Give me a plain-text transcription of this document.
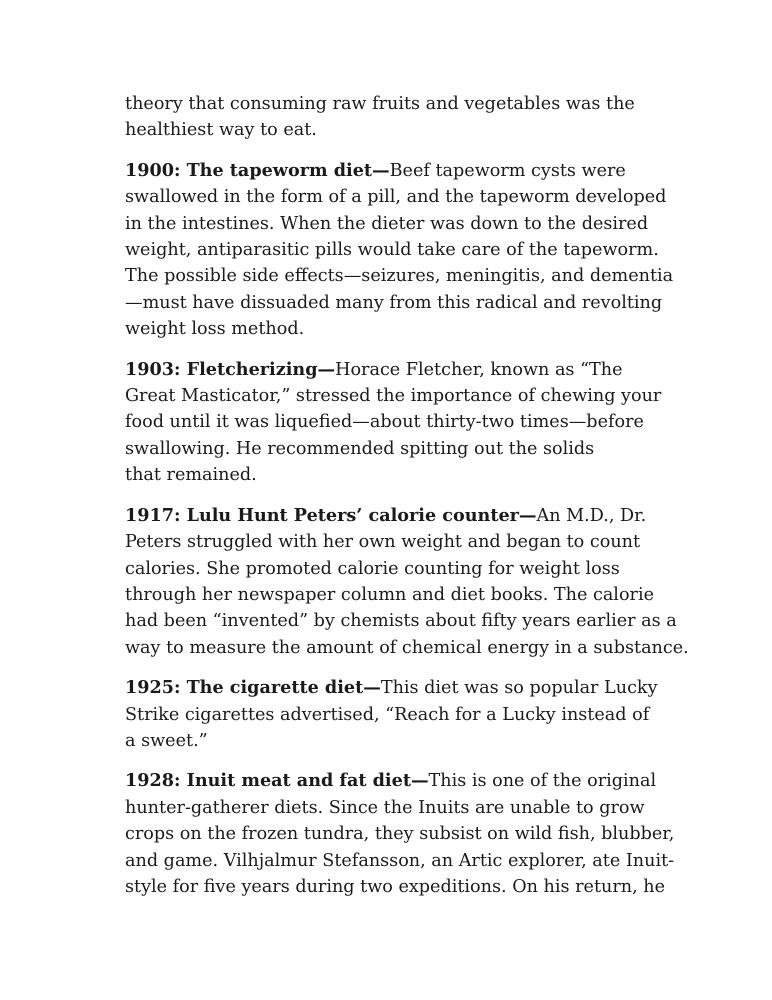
theory that consuming raw fruits and vegetables was the
healthiest way to eat.

1900: The tapeworm diet—Beef tapeworm cysts were
swallowed in the form of a pill, and the tapeworm developed
in the intestines. When the dieter was down to the desired
weight, antiparasitic pills would take care of the tapeworm.
The possible side effects—seizures, meningitis, and dementia
—must have dissuaded many from this radical and revolting
weight loss method.

1903: Fletcherizing—Horace Fletcher, known as “The
Great Masticator,” stressed the importance of chewing your
food until it was liquefied—about thirty-two times—before
swallowing. He recommended spitting out the solids
that remained.

1917: Lulu Hunt Peters’ calorie counter—An M.D., Dr.
Peters struggled with her own weight and began to count
calories. She promoted calorie counting for weight loss
through her newspaper column and diet books. The calorie
had been “invented” by chemists about fifty years earlier as a
way to measure the amount of chemical energy in a substance.

1925: The cigarette diet—This diet was so popular Lucky
Strike cigarettes advertised, “Reach for a Lucky instead of
a sweet.”

1928: Inuit meat and fat diet—This is one of the original
hunter-gatherer diets. Since the Inuits are unable to grow
crops on the frozen tundra, they subsist on wild fish, blubber,
and game. Vilhjalmur Stefansson, an Artic explorer, ate Inuit-
style for five years during two expeditions. On his return, he
